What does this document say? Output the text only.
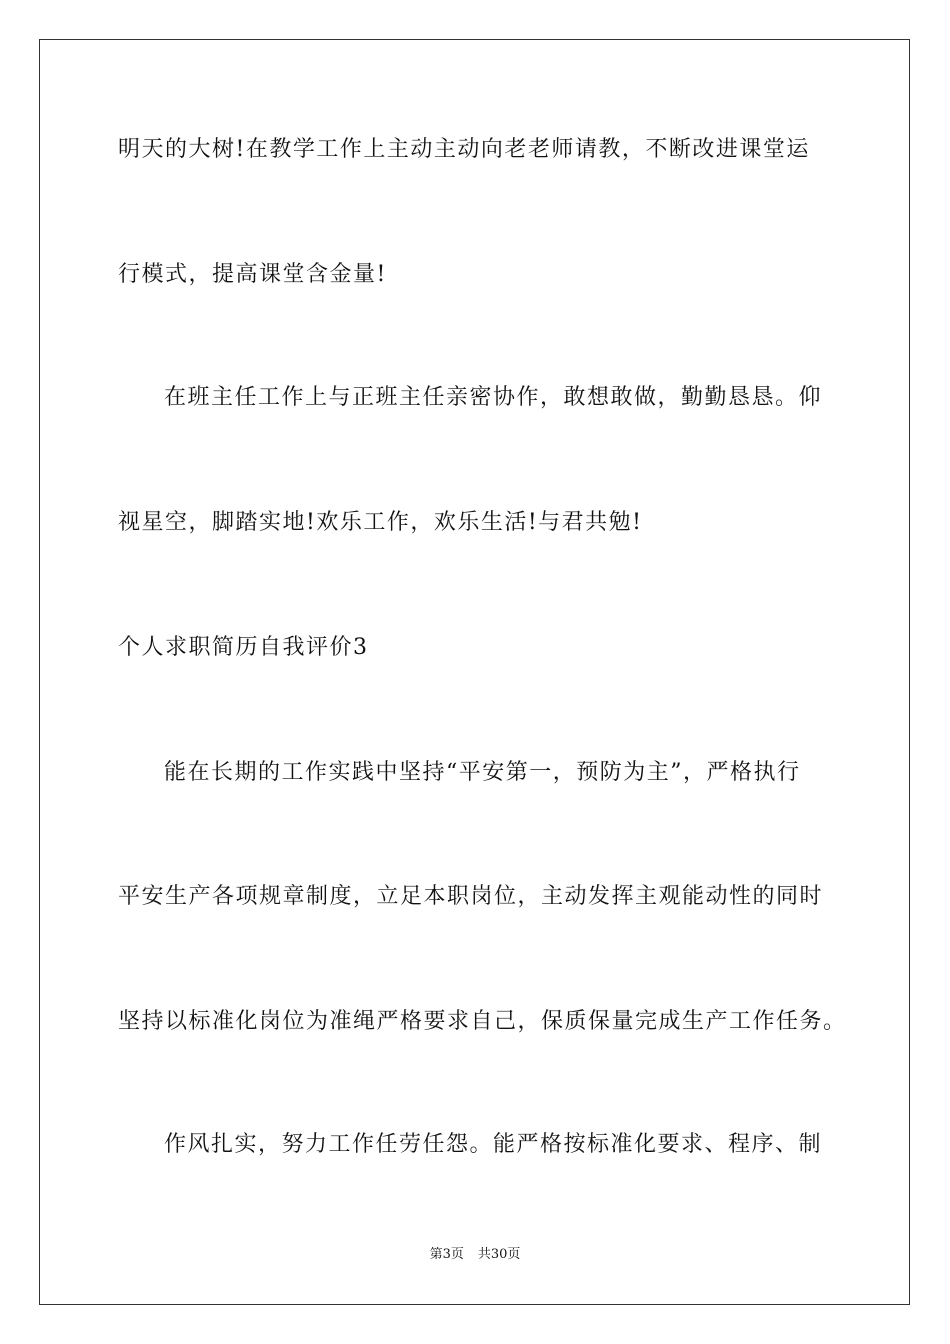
明天的大树!在教学工作上主动主动向老老师请教，不断改进课堂运
行模式，提高课堂含金量!
在班主任工作上与正班主任亲密协作，敢想敢做，勤勤恳恳。仰
视星空，脚踏实地!欢乐工作，欢乐生活!与君共勉!
个人求职简历自我评价3
能在长期的工作实践中坚持“平安第一，预防为主”，严格执行
平安生产各项规章制度，立足本职岗位，主动发挥主观能动性的同时
坚持以标准化岗位为准绳严格要求自己，保质保量完成生产工作任务。
作风扎实，努力工作任劳任怨。能严格按标准化要求、程序、制
第3页 共30页
